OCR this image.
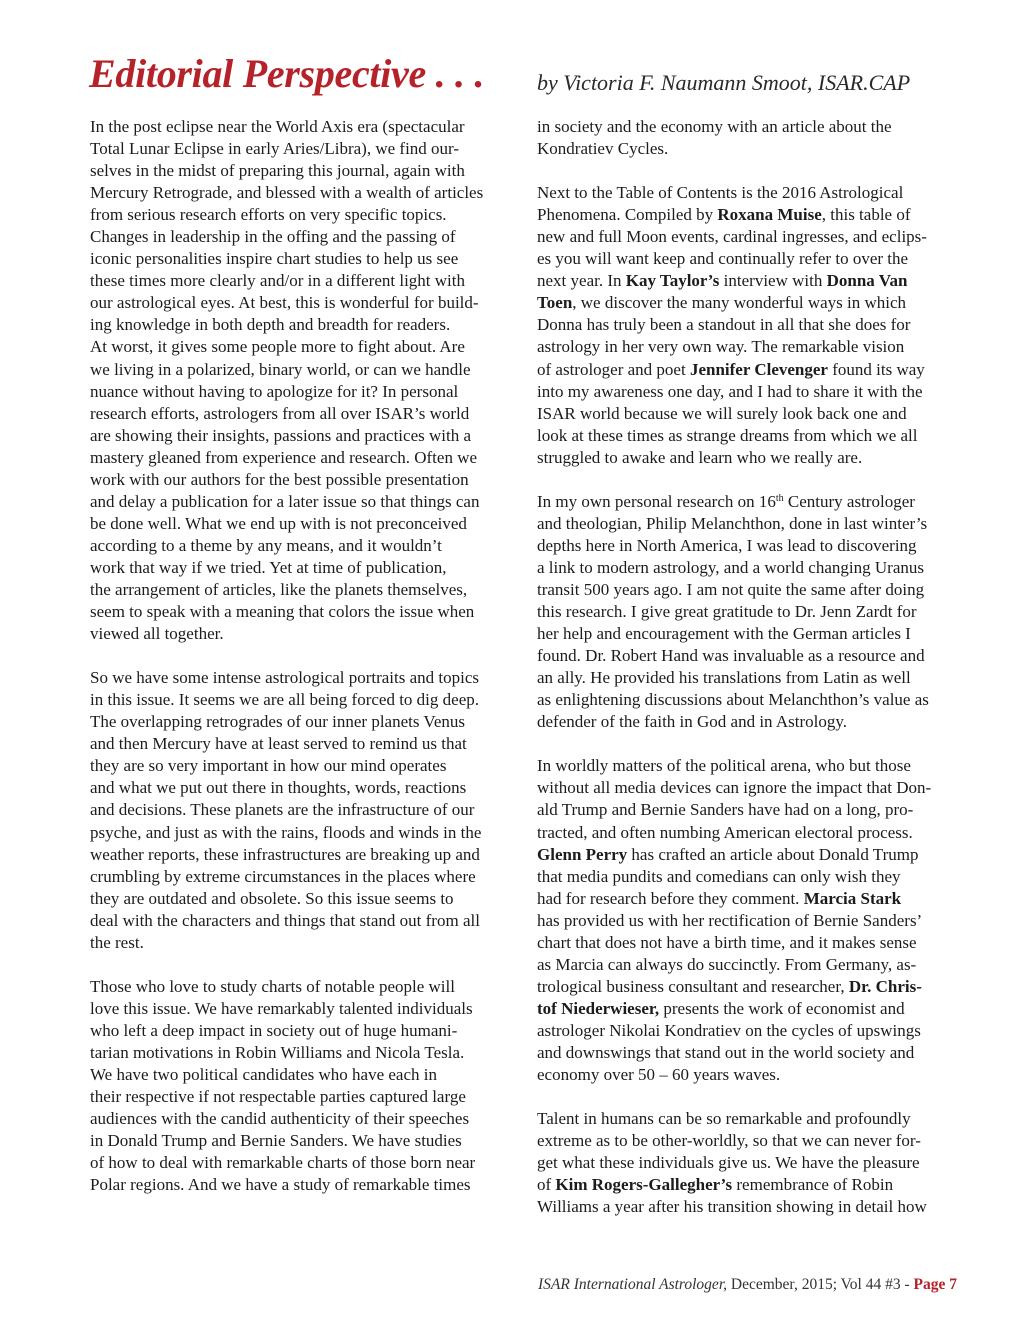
Editorial Perspective . . . by Victoria F. Naumann Smoot, ISAR.CAP
In the post eclipse near the World Axis era (spectacular
Total Lunar Eclipse in early Aries/Libra), we find our-
selves in the midst of preparing this journal, again with
Mercury Retrograde, and blessed with a wealth of articles
from serious research efforts on very specific topics.
Changes in leadership in the offing and the passing of
iconic personalities inspire chart studies to help us see
these times more clearly and/or in a different light with
our astrological eyes. At best, this is wonderful for build-
ing knowledge in both depth and breadth for readers.
At worst, it gives some people more to fight about. Are
we living in a polarized, binary world, or can we handle
nuance without having to apologize for it? In personal
research efforts, astrologers from all over ISAR’s world
are showing their insights, passions and practices with a
mastery gleaned from experience and research. Often we
work with our authors for the best possible presentation
and delay a publication for a later issue so that things can
be done well. What we end up with is not preconceived
according to a theme by any means, and it wouldn’t
work that way if we tried. Yet at time of publication,
the arrangement of articles, like the planets themselves,
seem to speak with a meaning that colors the issue when
viewed all together.
So we have some intense astrological portraits and topics
in this issue. It seems we are all being forced to dig deep.
The overlapping retrogrades of our inner planets Venus
and then Mercury have at least served to remind us that
they are so very important in how our mind operates
and what we put out there in thoughts, words, reactions
and decisions. These planets are the infrastructure of our
psyche, and just as with the rains, floods and winds in the
weather reports, these infrastructures are breaking up and
crumbling by extreme circumstances in the places where
they are outdated and obsolete. So this issue seems to
deal with the characters and things that stand out from all
the rest.
Those who love to study charts of notable people will
love this issue. We have remarkably talented individuals
who left a deep impact in society out of huge humani-
tarian motivations in Robin Williams and Nicola Tesla.
We have two political candidates who have each in
their respective if not respectable parties captured large
audiences with the candid authenticity of their speeches
in Donald Trump and Bernie Sanders. We have studies
of how to deal with remarkable charts of those born near
Polar regions. And we have a study of remarkable times
in society and the economy with an article about the
Kondratiev Cycles.
Next to the Table of Contents is the 2016 Astrological
Phenomena. Compiled by Roxana Muise, this table of
new and full Moon events, cardinal ingresses, and eclips-
es you will want keep and continually refer to over the
next year. In Kay Taylor’s interview with Donna Van
Toen, we discover the many wonderful ways in which
Donna has truly been a standout in all that she does for
astrology in her very own way. The remarkable vision
of astrologer and poet Jennifer Clevenger found its way
into my awareness one day, and I had to share it with the
ISAR world because we will surely look back one and
look at these times as strange dreams from which we all
struggled to awake and learn who we really are.
In my own personal research on 16th Century astrologer
and theologian, Philip Melanchthon, done in last winter’s
depths here in North America, I was lead to discovering
a link to modern astrology, and a world changing Uranus
transit 500 years ago. I am not quite the same after doing
this research. I give great gratitude to Dr. Jenn Zardt for
her help and encouragement with the German articles I
found. Dr. Robert Hand was invaluable as a resource and
an ally. He provided his translations from Latin as well
as enlightening discussions about Melanchthon’s value as
defender of the faith in God and in Astrology.
In worldly matters of the political arena, who but those
without all media devices can ignore the impact that Don-
ald Trump and Bernie Sanders have had on a long, pro-
tracted, and often numbing American electoral process.
Glenn Perry has crafted an article about Donald Trump
that media pundits and comedians can only wish they
had for research before they comment. Marcia Stark
has provided us with her rectification of Bernie Sanders’
chart that does not have a birth time, and it makes sense
as Marcia can always do succinctly. From Germany, as-
trological business consultant and researcher, Dr. Chris-
tof Niederwieser, presents the work of economist and
astrologer Nikolai Kondratiev on the cycles of upswings
and downswings that stand out in the world society and
economy over 50 – 60 years waves.
Talent in humans can be so remarkable and profoundly
extreme as to be other-worldly, so that we can never for-
get what these individuals give us. We have the pleasure
of Kim Rogers-Gallegher’s remembrance of Robin
Williams a year after his transition showing in detail how
ISAR International Astrologer, December, 2015; Vol 44 #3 - Page 7
